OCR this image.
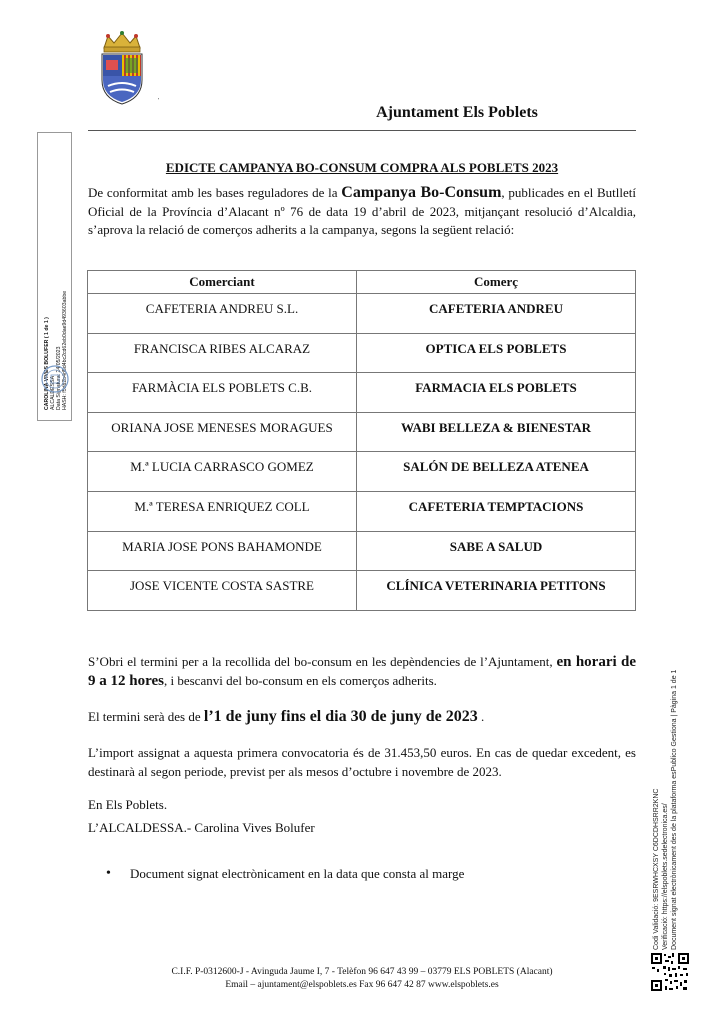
'
Ajuntament Els Poblets
CAROLINA VIVES BOLUFER ( 1 de 1 ) ALCALDESSA Data Signatura: 24/05/2023 HASH: f5d82b4d5d4bc2cd62eb0dae9d493603abbe
EDICTE CAMPANYA BO-CONSUM COMPRA ALS POBLETS 2023
De conformitat amb les bases reguladores de la Campanya Bo-Consum, publicades en el Butlletí Oficial de la Província d’Alacant nº 76 de data 19 d’abril de 2023, mitjançant resolució d’Alcaldia, s’aprova la relació de comerços adherits a la campanya, segons la següent relació:
Comerciant	Comerç
CAFETERIA ANDREU S.L.	CAFETERIA ANDREU
FRANCISCA RIBES ALCARAZ	OPTICA ELS POBLETS
FARMÀCIA ELS POBLETS C.B.	FARMACIA ELS POBLETS
ORIANA JOSE MENESES MORAGUES	WABI BELLEZA & BIENESTAR
M.ª LUCIA CARRASCO GOMEZ	SALÓN DE BELLEZA ATENEA
M.ª TERESA ENRIQUEZ COLL	CAFETERIA TEMPTACIONS
MARIA JOSE PONS BAHAMONDE	SABE A SALUD
JOSE VICENTE COSTA SASTRE	CLÍNICA VETERINARIA PETITONS
S’Obri el termini per a la recollida del bo-consum en les depèndencies de l’Ajuntament, en horari de 9 a 12 hores, i bescanvi del bo-consum en els comerços adherits.
El termini serà des de l’1 de juny fins el dia 30 de juny de 2023 .
L’import assignat a aquesta primera convocatoria és de 31.453,50 euros. En cas de quedar excedent, es destinarà al segon periode, previst per als mesos d’octubre i novembre de 2023.
En Els Poblets.
L’ALCALDESSA.- Carolina Vives Bolufer
• Document signat electrònicament en la data que consta al marge
C.I.F. P-0312600-J - Avinguda Jaume I, 7 - Telèfon 96 647 43 99 – 03779 ELS POBLETS (Alacant)
Email – ajuntament@elspoblets.es Fax 96 647 42 87 www.elspoblets.es
Codi Validació: 9ESRWHCXSY C6DCDHSRR2KNC Verificació: https://elspoblets.sedelectronica.es/ Document signat electrònicament des de la plataforma esPublico Gestiona | Pàgina 1 de 1
